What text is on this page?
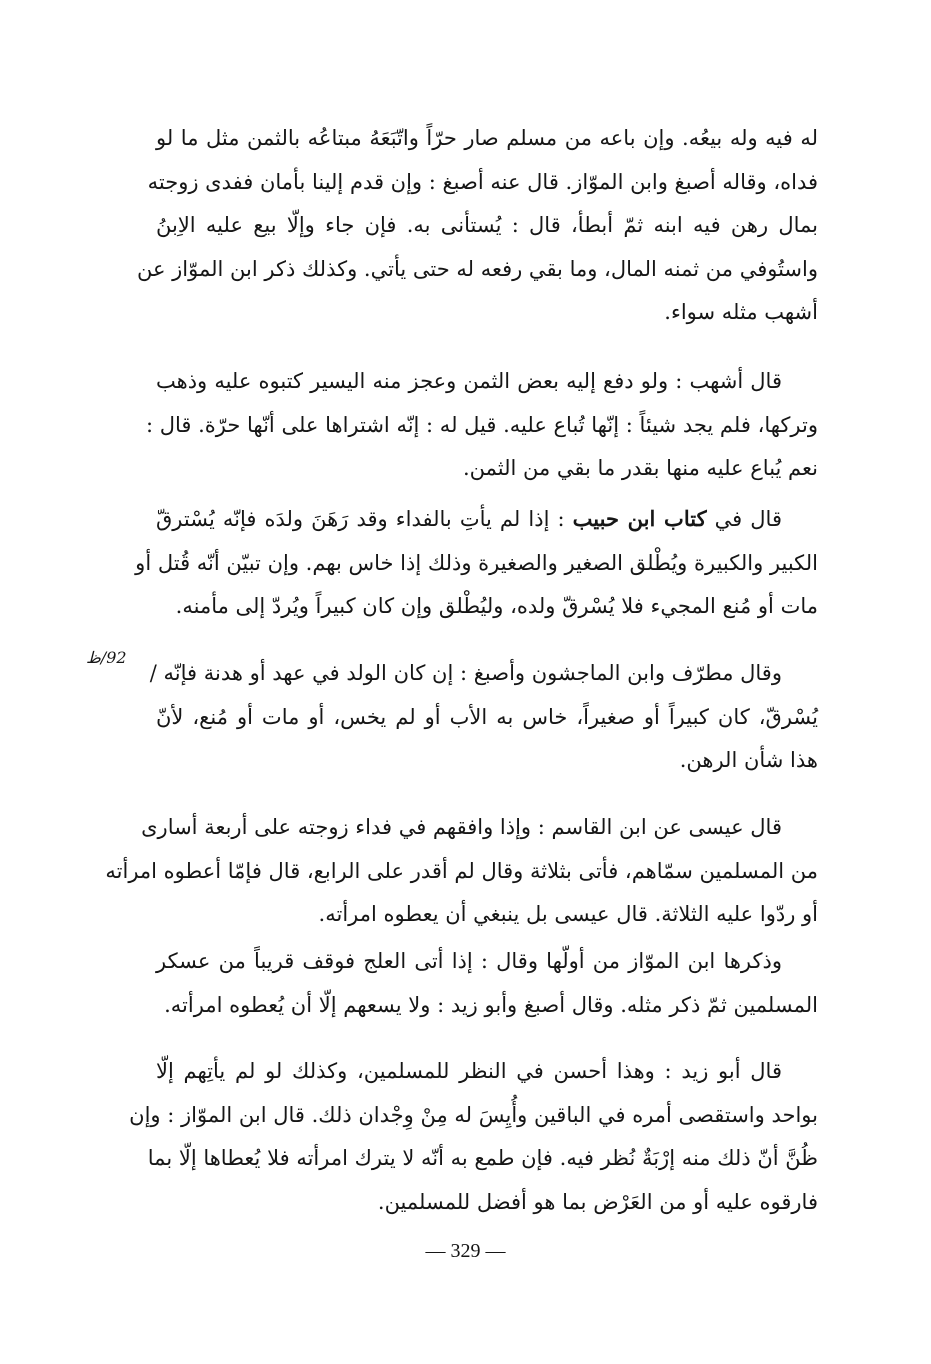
له فيه وله بيعُه. وإن باعه من مسلم صار حرّاً واتّبَعَهُ مبتاعُه بالثمن مثل ما لو
فداه، وقاله أصبغ وابن الموّاز. قال عنه أصبغ : وإن قدم إلينا بأمان ففدى زوجته
بمال رهن فيه ابنه ثمّ أبطأ، قال : يُستأنى به. فإن جاء وإلّا بيع عليه الاِبنُ
واستُوفي من ثمنه المال، وما بقي رفعه له حتى يأتي. وكذلك ذكر ابن الموّاز عن
أشهب مثله سواء.
قال أشهب : ولو دفع إليه بعض الثمن وعجز منه اليسير كتبوه عليه وذهب
وتركها، فلم يجد شيئاً : إنّها تُباع عليه. قيل له : إنّه اشتراها على أنّها حرّة. قال :
نعم يُباع عليه منها بقدر ما بقي من الثمن.
قال في كتاب ابن حبيب : إذا لم يأتِ بالفداء وقد رَهَنَ ولدَه فإنّه يُسْترقّ
الكبير والكبيرة ويُطْلق الصغير والصغيرة وذلك إذا خاس بهم. وإن تبيّن أنّه قُتل أو
مات أو مُنع المجيء فلا يُسْرقّ ولده، وليُطْلق وإن كان كبيراً ويُردّ إلى مأمنه.
92/ظ
وقال مطرّف وابن الماجشون وأصبغ : إن كان الولد في عهد أو هدنة فإنّه /
يُسْرقّ، كان كبيراً أو صغيراً، خاس به الأب أو لم يخس، أو مات أو مُنع، لأنّ
هذا شأن الرهن.
قال عيسى عن ابن القاسم : وإذا وافقهم في فداء زوجته على أربعة أسارى
من المسلمين سمّاهم، فأتى بثلاثة وقال لم أقدر على الرابع، قال فإمّا أعطوه امرأته
أو ردّوا عليه الثلاثة. قال عيسى بل ينبغي أن يعطوه امرأته.
وذكرها ابن الموّاز من أولّها وقال : إذا أتى العلج فوقف قريباً من عسكر
المسلمين ثمّ ذكر مثله. وقال أصبغ وأبو زيد : ولا يسعهم إلّا أن يُعطوه امرأته.
قال أبو زيد : وهذا أحسن في النظر للمسلمين، وكذلك لو لم يأتِهم إلّا
بواحد واستقصى أمره في الباقين وأُيِسَ له مِنْ وِجْدان ذلك. قال ابن الموّاز : وإن
ظُنَّ أنّ ذلك منه إرْبَةٌ نُظر فيه. فإن طمع به أنّه لا يترك امرأته فلا يُعطاها إلّا بما
فارقوه عليه أو من العَرْض بما هو أفضل للمسلمين.
— 329 —
